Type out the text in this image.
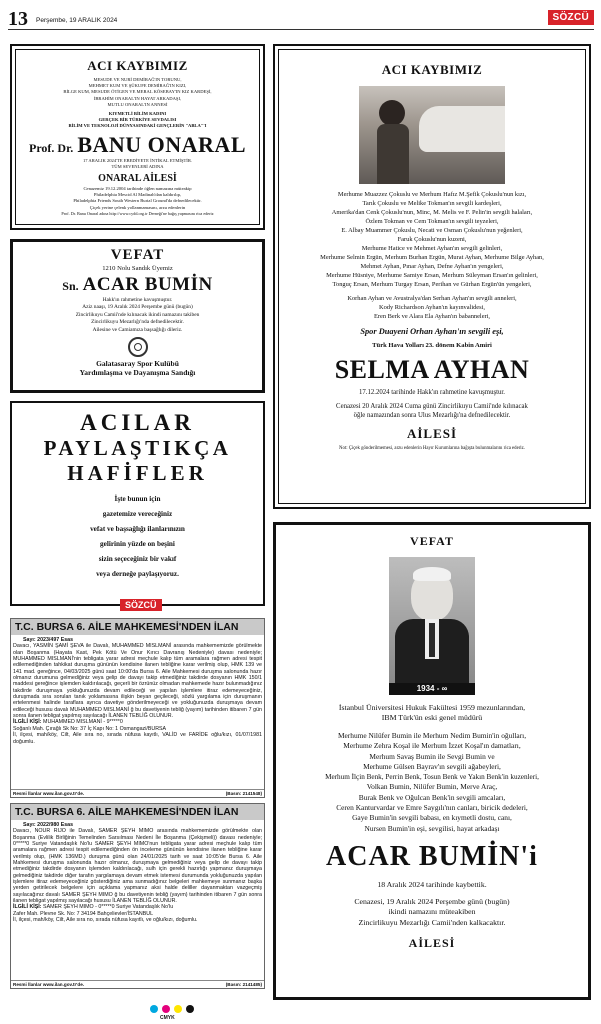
13 Perşembe, 19 ARALIK 2024	SÖZCÜ
ACI KAYBIMIZ
MESUDE VE NURİ DEMİRAĞ'IN TORUNU,
MEHMET KUM VE ŞÜKUFE DEMİRAĞ'IN KIZI,
BİLGE KUM, MESUDE ÖTİGEN VE MERAL KÖSEBAY'IN KIZ KARDEŞİ,
İBRAHİM ONARAL'IN HAYAT ARKADAŞI,
MUTLU ONARAL'IN ANNESİ
KIYMETLİ BİLİM KADINI
GERÇEK BİR TÜRKİYE SEVDALISI
BİLİM VE TEKNOLOJİ DÜNYASINDAKİ GENÇLERİN "ABLA"'I
Prof. Dr. BANU ONARAL
17 ARALIK 2024'TE EBEDİYETE İNTİKAL ETMİŞTİR.
TÜM SEVENLERİ ADINA
ONARAL AİLESİ
Cenazemiz 19.12.2004 tarihinde öğlen namazına müteakip
Philadelphia Mescid Al Madinah'dan kaldırılıp,
Philadelphia Friends South Western Burial Ground'da defnedilecektir.
Çiçek yerine çelenk yollanmamasını, arzu edenlerin
Prof. Dr. Banu Onaral adına http://www.cydd.org.tr Derneği'ne bağış yapmasını rica ederiz
VEFAT
1210 Nolu Sandık Üyemiz
Sn. ACAR BUMİN
Hakk'ın rahmetine kavuşmuştur.
Aziz naaşı, 19 Aralık 2024 Perşembe günü (bugün)
Zincirlikuyu Camii'nde kılınacak ikindi namazını takiben
Zincirlikuyu Mezarlığı'nda defnedilecektir.
Ailesine ve Camiamıza başsağlığı dileriz.
Galatasaray Spor Kulübü
Yardımlaşma ve Dayanışma Sandığı
ACILAR
PAYLAŞTIKÇA
HAFİFLER
İşte bunun için
gazetemize vereceğiniz
vefat ve başsağlığı ilanlarınızın
gelirinin yüzde on beşini
sizin seçeceğiniz bir vakıf
veya derneğe paylaşıyoruz.
SÖZCÜ
T.C. BURSA 6. AİLE MAHKEMESİ'NDEN İLAN
Sayı: 2023/497 Esas
Davacı, YASMİN ŞAMİ ŞEVA ile Davalı, MUHAMMED MISLMANİ arasında mahkememizde görülmekte olan Boşanma (Hayata Kast, Pek Kötü Ve Onur Kırıcı Davranış Nedeniyle) davası nedeniyle; MUHAMMED MISLMANİ'nin tebligata yarar adresi meçhule kalıp tüm aramalara rağmen adresi tespit edilemediğinden tahkikat duruşma gününün kendisine ilanen tebliğine karar verilmiş olup, HMK 139 ve 141 mad. gereğince, 04/03/2025 günü saat 10:00'da Bursa 6. Aile Mahkemesi duruşma salonunda hazır olmanız durumuna gelmediğiniz veya gelip de davayı takip etmediğiniz takdirde dosyanın HMK 150/1 maddesi gereğince işlemden kaldırılacağı, geçerli bir özrünüz olmadan mahkemede hazır bulunmadığınız takdirde duruşmaya yokluğunuzda devam edileceği ve yapılan işlemlere itiraz edemeyeceğiniz, duruşmada sıra sorulan tanık yoklamasına ilişkin beyan geçileceği, sözlü yargılama için duruşmanın ertelenmesi halinde taraflara ayrıca davetiye gönderilmeyeceği ve yokluğunuzda duruşmaya devam edileceği hususu davalı MUHAMMED MISLMANİ ğ bu davetiyenin tebliğ (yayım) tarihinden itibaren 7 gün sonra ilanen tebligat yapılmış sayılacağı İLANEN TEBLİĞ OLUNUR.
İLGİLİ KİŞİ: MUHAMMED MISLMANİ - 9*****0
Soğanlı Mah. Çırağlı Sk No: 37 İç Kapı No: 1 Osmangazi/BURSA
İl, ilçesi, mah/köy, Cilt, Aile sıra no, sırada nüfusa kayıtlı, VALİD ve FARİDE oğlu/kızı, 01/07/1981 doğumlu.
Resmi İlanlar www.ilan.gov.tr'de.	(Basın: 2141548)
T.C. BURSA 6. AİLE MAHKEMESİ'NDEN İLAN
Sayı: 2022/980 Esas
Davacı, NOUR RIJO ile Davalı, SAMER ŞEYH MIMO arasında mahkememizde görülmekte olan Boşanma (Evlilik Birliğinin Temelinden Sarsılması Nedeni İle Boşanma (Çekişmeli)) davası nedeniyle; 0*****0 Suriye Vatandaşlık No'lu SAMER ŞEYH MIMO'nun tebligata yarar adresi meçhule kalıp tüm aramalara rağmen adresi tespit edilemediğinden ön inceleme gününün kendisine ilanen tebliğine karar verilmiş olup, (HMK 136MD.) duruşma günü olan 24/01/2025 tarih ve saat 10:05'de Bursa 6. Aile Mahkemesi duruşma salonunda hazır olmanız, duruşmaya gelmediğiniz veya gelip de davayı takip etmediğiniz takdirde dosyanın işlemden kaldırılacağı, sulh için gerekli hazırlığı yapmanız duruşmaya gelmediğiniz takdirde diğer tarafın yargılamaya devam etmek istemesi durumunda yokluğunuzda yapılan işlemlere itiraz edemeyeceğiniz gösterdiğiniz ama sunmadığınız belgeleri mahkemeye sunmanız başka yerden getirilecek belgelere için açıklama yapmanız aksi halde deliller dayanmaktan vazgeçmiş sayılacağınız davalı SAMER ŞEYH MIMO ğ bu davetiyenin tebliğ (yayım) tarihinden itibaren 7 gün sonra ilanen tebligat yapılmış sayılacağı hususu İLANEN TEBLİĞ OLUNUR.
İLGİLİ KİŞİ: SAMER ŞEYH MIMO - 0*****0 Suriye Vatandaşlık No'lu
Zafer Mah. Plevne Sk. No: 7 34194 Bahçelievler/İSTANBUL
İl, ilçesi, mah/köy, Cilt, Aile sıra no, sırada nüfusa kayıtlı, ve oğlu/kızı, doğumlu.
Resmi İlanlar www.ilan.gov.tr'de.	(Basın: 2141485)
ACI KAYBIMIZ
Merhume Muazzez Çokuslu ve Merhum Hafız M.Şefik Çokuslu'nun kızı,
Tarık Çokuslu ve Melike Tokman'ın sevgili kardeşleri,
Amerika'dan Cenk Çokuslu'nun, Minc, M. Melis ve F. Pelin'in sevgili halaları,
Özlem Tokman ve Cem Tokman'ın sevgili teyzeleri,
E. Albay Muammer Çokuslu, Necati ve Osman Çokuslu'nun yeğenleri,
Faruk Çokuslu'nun kuzeni,
Merhume Hatice ve Mehmet Ayhan'ın sevgili gelinleri,
Merhume Selmin Ergün, Merhum Burhan Ergün, Murat Ayhan, Merhume Bilge Ayhan,
Mehmet Ayhan, Pınar Ayhan, Defne Ayhan'ın yengeleri,
Merhume Hüsniye, Merhume Samiye Ersan, Merhum Süleyman Ersan'ın gelinleri,
Tonguç Ersan, Merhum Turgay Ersan, Perihan ve Gürhan Ergün'ün yengeleri,
Korhan Ayhan ve Avustralya'dan Serhan Ayhan'ın sevgili anneleri,
Kody Richardson Ayhan'ın kayınvalidesi,
Eren Berk ve Alara Ela Ayhan'ın babanneleri,
Spor Duayeni Orhan Ayhan'ın sevgili eşi,
Türk Hava Yolları 23. dönem Kabin Amiri
SELMA AYHAN
17.12.2024 tarihinde Hakk'ın rahmetine kavuşmuştur.
Cenazesi 20 Aralık 2024 Cuma günü Zincirlikuyu Camii'nde kılınacak
öğle namazından sonra Ulus Mezarlığı'na defnedilecektir.
AİLESİ
Not: Çiçek gönderilmemesi, arzu edenlerin Hayır Kurumlarına bağışta bulunmalarını rica ederiz.
VEFAT
1934 - ∞
İstanbul Üniversitesi Hukuk Fakültesi 1959 mezunlarından,
IBM Türk'ün eski genel müdürü
Merhume Nilüfer Bumin ile Merhum Nedim Bumin'in oğulları,
Merhume Zehra Koşal ile Merhum İzzet Koşal'ın damatları,
Merhum Savaş Bumin ile Sevgi Bumin ve
Merhume Gülsen Bayrav'ın sevgili ağabeyleri,
Merhum İlçin Benk, Perrin Benk, Tosun Benk ve Yakın Benk'in kuzenleri,
Volkan Bumin, Nilüfer Bumin, Merve Araç,
Burak Benk ve Oğulcan Benk'in sevgili amcaları,
Ceren Kanturvardar ve Emre Saygılı'nın canları, biricik dedeleri,
Gaye Bumin'in sevgili babası, en kıymetli dostu, canı,
Nursen Bumin'in eşi, sevgilisi, hayat arkadaşı
ACAR BUMİN'i
18 Aralık 2024 tarihinde kaybettik.
Cenazesi, 19 Aralık 2024 Perşembe günü (bugün)
ikindi namazını müteakiben
Zincirlikuyu Mezarlığı Camii'nden kalkacaktır.
AİLESİ
CMYK
